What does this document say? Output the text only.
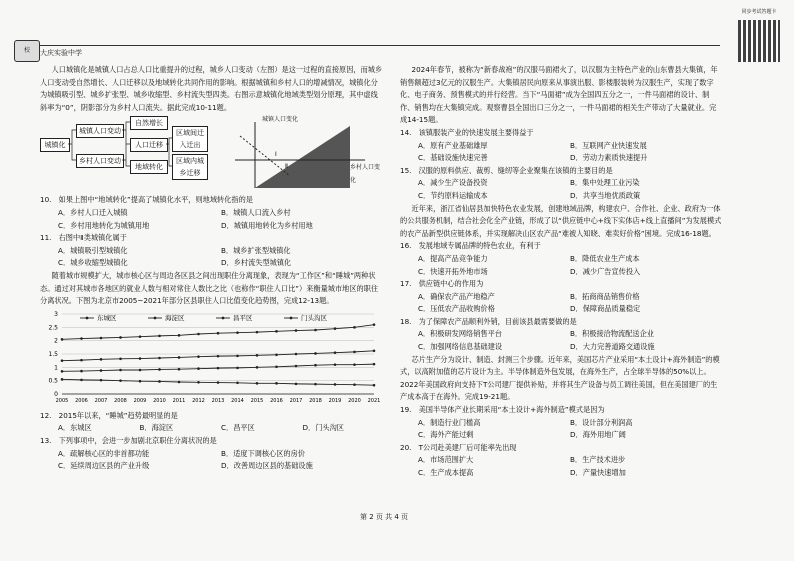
校	大庆实验中学
同步考试答题卡

人口城镇化是城镇人口占总人口比重提升的过程，城乡人口变动（左图）是这一过程的直接原因，而城乡人口变动受自然增长、人口迁移以及地域转化共同作用的影响。根据城镇和乡村人口的增减情况，城镇化分为城镇吸引型、城乡扩张型、城乡收缩型、乡村流失型四类。右图示意城镇化地域类型划分原理，其中虚线斜率为“0”，阴影部分为乡村人口流失。据此完成10-11题。

城镇化
城镇人口变动
乡村人口变动
自然增长
人口迁移
地域转化
区域间迁入迁出
区域内城乡迁移
Ⅰ
Ⅱ
城镇人口变化
乡村人口变化

10.　如果上图中“地域转化”提高了城镇化水平，则地域转化指的是

A．乡村人口迁入城镇	B．城镇人口流入乡村
C．乡村用地转化为城镇用地	D．城镇用地转化为乡村用地

11.　右图中Ⅱ类城镇化属于

A．城镇吸引型城镇化	B．城乡扩张型城镇化
C．城乡收缩型城镇化	D．乡村流失型城镇化

随着城市规模扩大，城市核心区与周边各区县之间出现职住分离现象，表现为“工作区”和“睡城”两种状态。通过对其城市各地区的就业人数与相对常住人数比之比（也称作“职住人口比”）来衡量城市地区的职住分离状况。下图为北京市2005~2021年部分区县职住人口比值变化趋势图，完成12-13题。

0
0.5
1
1.5
2
2.5
3
2005 2006 2007 2008 2009 2010 2011 2012 2013 2014 2015 2016 2017 2018 2019 2020 2021
东城区	海淀区	昌平区	门头沟区

12.　2015年以来，“睡城”趋势最明显的是

A．东城区	B．海淀区	C．昌平区	D．门头沟区

13.　下列事项中，会进一步加剧北京职住分离状况的是

A．疏解核心区的非首都功能	B．适度下调核心区的房价
C．延续周边区县的产业升级	D．改善周边区县的基础设施

2024年春节，被称为“新春战袍”的汉服马面裙火了，以汉服为主特色产业的山东曹县大集镇，年销售额超过3亿元的汉服生产。大集镇居民向原来从事演出服、影楼服装转为汉服生产，实现了数字化、电子商务、预售模式的并行经营。当下“马面裙”成为全国四五分之一，一件马面裙的设计、制作、销售均在大集镇完成。观察曹县全国出口三分之一，一件马面裙的相关生产带动了大量就业。完成14-15题。

14.　该镇服装产业的快速发展主要得益于

A．原有产业基础雄厚	B．互联网产业快速发展
C．基础设施快速完善	D．劳动力素质快速提升

15.　汉服的原料供应、裁剪、缝纫等企业聚集在该镇的主要目的是

A．减少生产设备投资	B．集中处理工业污染
C．节约原料运输成本	D．共享当地优质政策

近年来，浙江省仙居县加快特色农业发展，创建地域品牌，构建农户、合作社、企业、政府为一体的公共服务机制，结合社会化全产业链，形成了以“供应链中心+线下实体店+线上直播间”为发展模式的农产品新型供应链体系，并实现解决山区农产品“难被人知晓、难卖好价格”困境。完成16-18题。

16.　发展地域专属品牌的特色农业，有利于

A．提高产品竞争能力	B．降低农业生产成本
C．快速开拓外地市场	D．减少广告宣传投入

17.　供应链中心的作用为

A．确保农产品产地稳产	B．拓商商品销售价格
C．压低农产品收购价格	D．保障商品质量稳定

18.　为了保障农产品顺利外销，目前该县最需要做的是

A．积极研发网络销售平台	B．积极接洽物流配送企业
C．加强网络信息基础建设	D．大力完善道路交通设施

芯片生产分为设计、制造、封测三个步骤。近年来，美国芯片产业采用“本土设计+海外制造”的模式，以高附加值的芯片设计为主。半导体制造外包发展，在海外生产，占全球半导体的50%以上。2022年美国政府向支持下T公司建厂提供补贴，并将其生产设备与员工调往美国，但在美国建厂的生产成本高于在海外。完成19-21题。

19.　美国半导体产业长期采用“本土设计+海外制造”模式是因为

A．制造行业门槛高	B．设计部分利润高
C．海外产能过剩	D．海外用地广阔

20.　T公司赴美建厂后可能率先出现

A．市场范围扩大	B．生产技术进步
C．生产成本提高	D．产量快速增加
第 2 页 共 4 页
